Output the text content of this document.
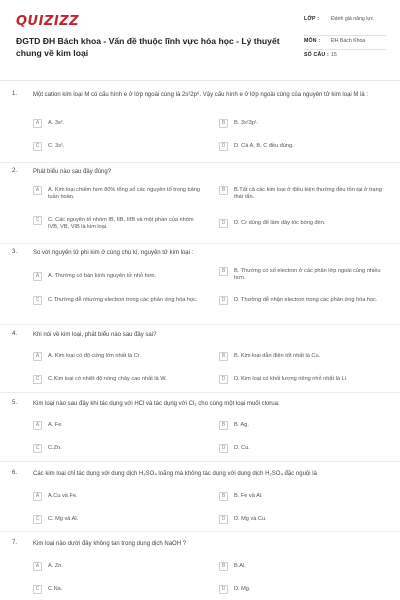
QUIZIZZ
ĐGTD ĐH Bách khoa - Vấn đề thuộc lĩnh vực hóa học - Lý thuyết chung về kim loại
LỚP :	Đánh giá năng lực
MÔN :	ĐH Bách Khoa
SỐ CÂU : 15
1.	Một cation kim loại M có cấu hình e ở lớp ngoài cùng là 2s²2p⁶. Vậy cấu hình e ở lớp ngoài cùng của nguyên tử kim loại M là :
A	A. 3s².	B	B. 3s²3p¹.
C	C. 3s¹.	D	D. Cả A, B, C đều đúng.
2.	Phát biểu nào sau đây đúng?
A	A. Kim loại chiếm hơn 80% tổng số các nguyên tố trong bảng tuần hoàn.
B	B.Tất cả các kim loại ở điều kiện thường đều tồn tại ở trạng thái rắn.
C	C. Các nguyên tố nhóm IB, IIB, IIIB và một phần của nhóm IVB, VB, VIB là kim loại.
D	D. Cr dùng để làm dây tóc bóng đèn.
3.	So với nguyên tử phi kim ở cùng chu kì, nguyên tử kim loại :
A	A. Thường có bán kính nguyên tử nhỏ hơn.
B	B. Thường có số electron ở các phân lớp ngoài cùng nhiều hơn.
C	C.Thường dễ nhường electron trong các phản ứng hóa học.	D	D. Thường dễ nhận electron trong các phản ứng hóa học.
4.	Khi nói về kim loại, phát biểu nào sau đây sai?
A	A. Kim loại có độ cứng lớn nhất là Cr.	B	B. Kim loại dẫn điện tốt nhất là Cu.
C	C.Kim loại có nhiệt độ nóng chảy cao nhất là W.	D	D. Kim loại có khối lượng riêng nhỏ nhất là Li.
5.	Kim loại nào sau đây khi tác dụng với HCl và tác dụng với Cl₂ cho cùng một loại muối clorua:
A	A. Fe.	B	B. Ag.
C	C.Zn.	D	D. Cu.
6.	Các kim loại chỉ tác dụng với dung dịch H₂SO₄ loãng mà không tác dụng với dung dịch H₂SO₄ đặc nguội là
A	A.Cu và Fe.	B	B. Fe và Al.
C	C. Mg và Al.	D	D. Mg và Cu.
7.	Kim loại nào dưới đây không tan trong dung dịch NaOH ?
A	A. Zn.	B	B.Al.
C	C.Na.	D	D. Mg.
